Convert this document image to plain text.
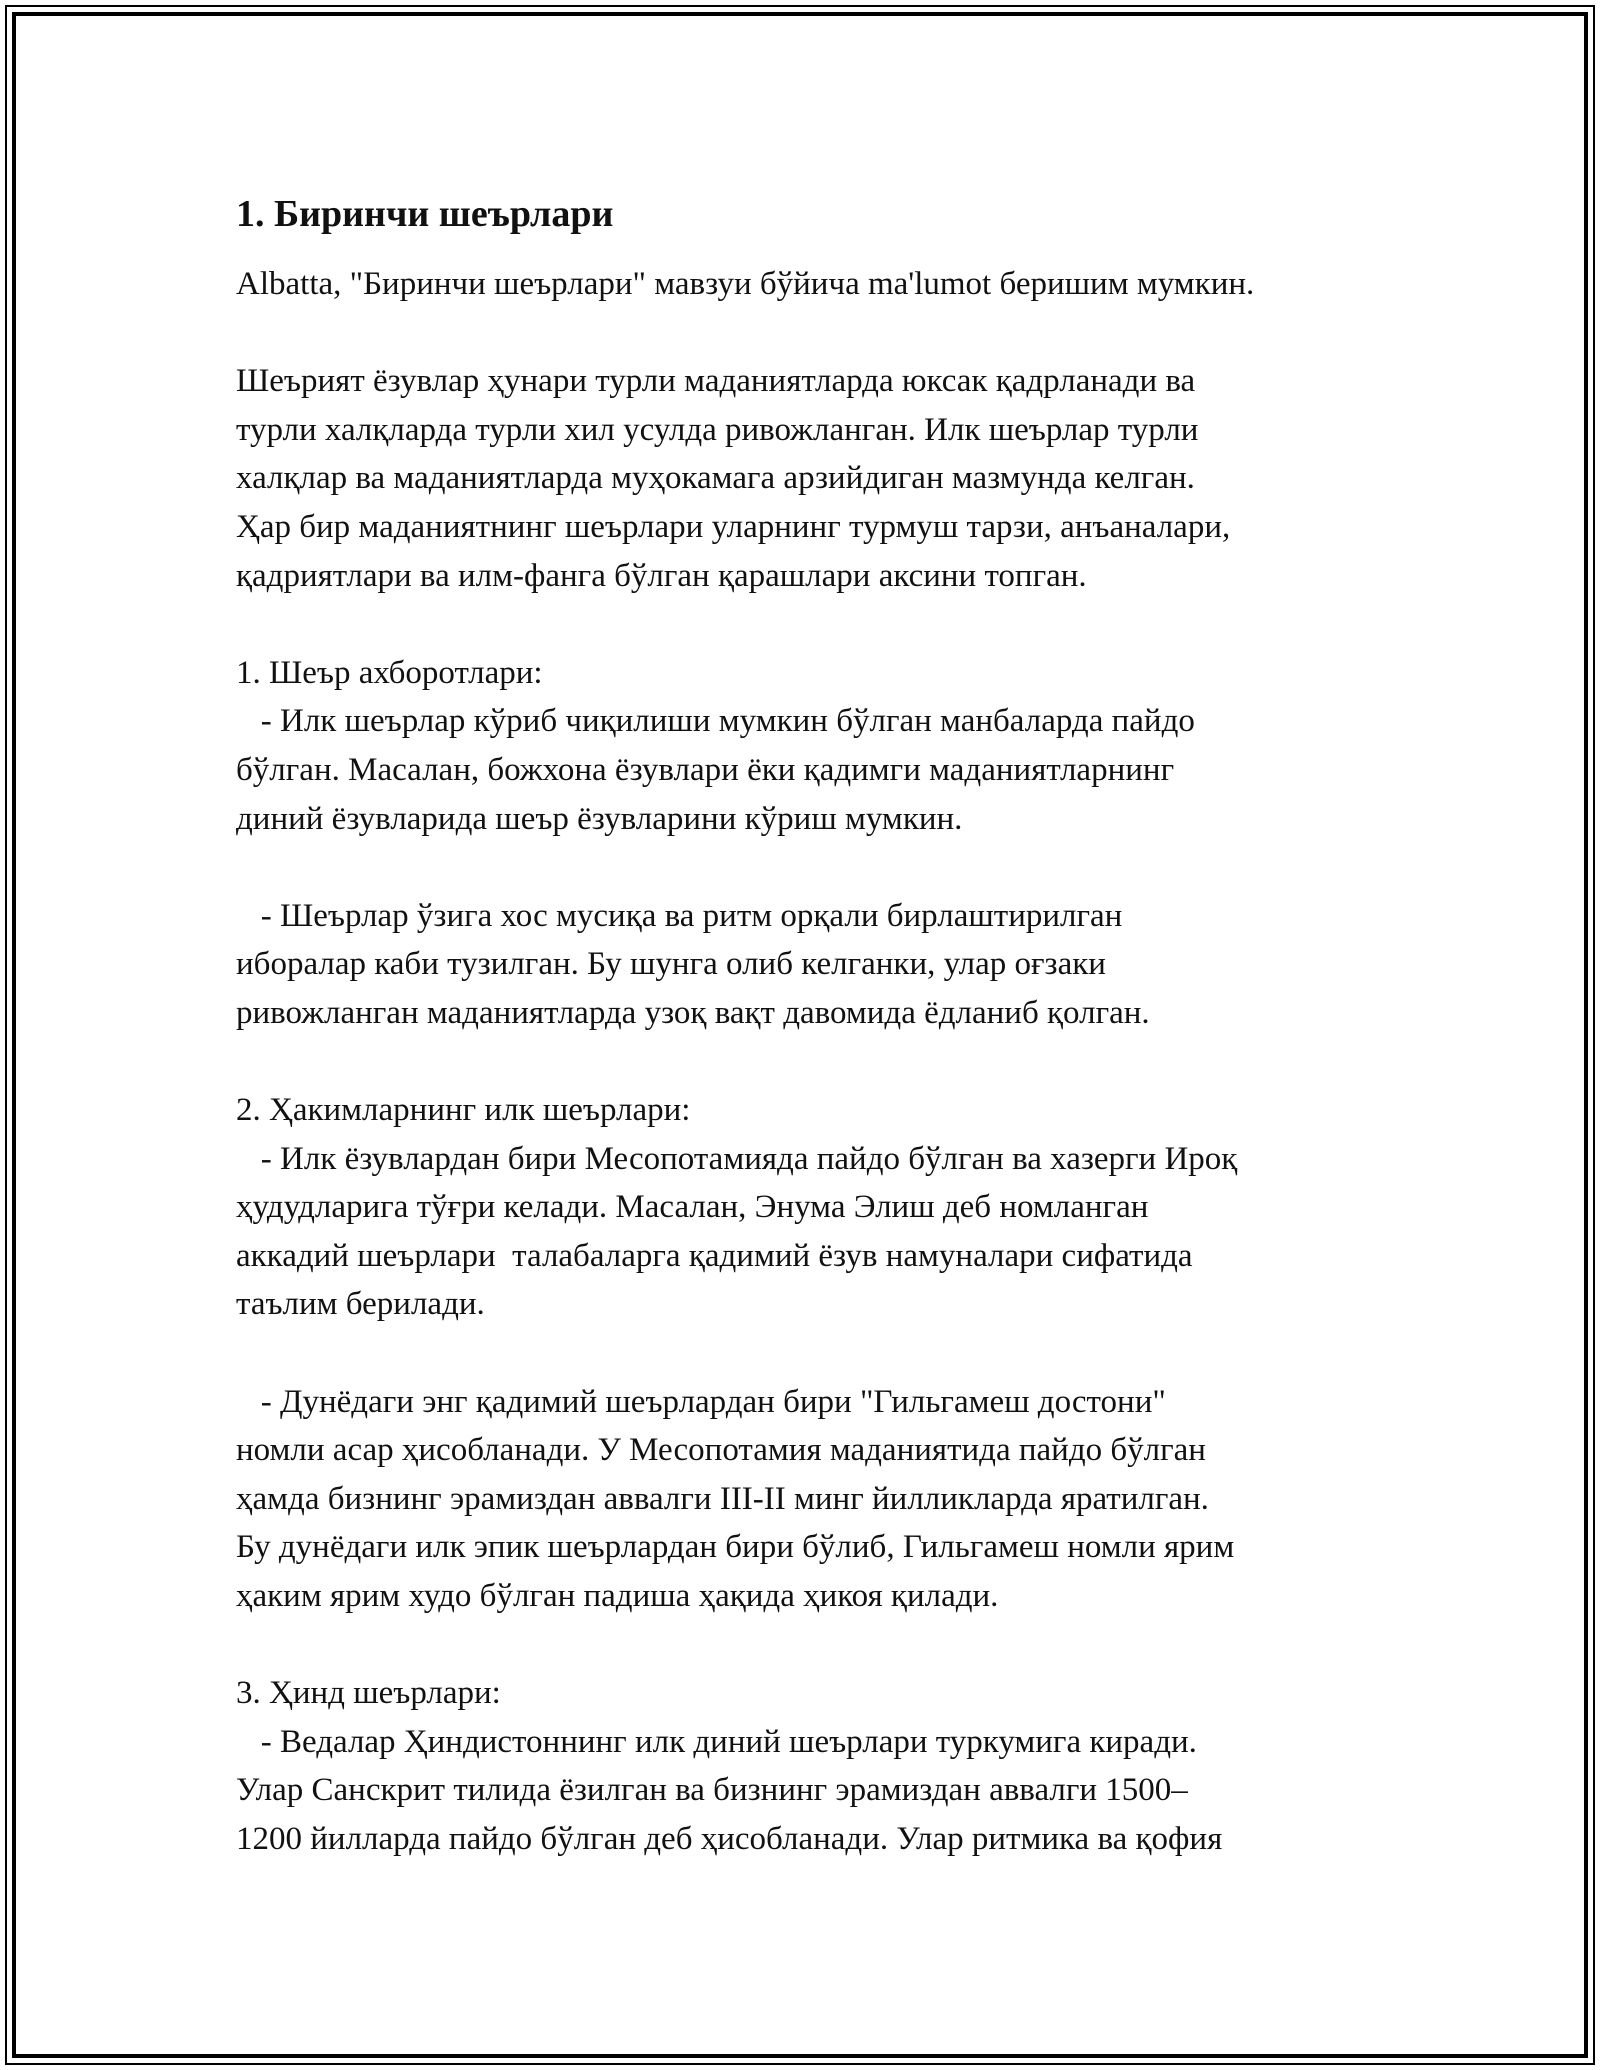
1. Биринчи шеърлари
Albatta, "Биринчи шеърлари" мавзуи бўйича ma'lumot беришим мумкин.
Шеърият ёзувлар ҳунари турли маданиятларда юксак қадрланади ва
турли халқларда турли хил усулда ривожланган. Илк шеърлар турли
халқлар ва маданиятларда муҳокамага арзийдиган мазмунда келган.
Ҳар бир маданиятнинг шеърлари уларнинг турмуш тарзи, анъаналари,
қадриятлари ва илм-фанга бўлган қарашлари аксини топган.
1. Шеър ахборотлари:
- Илк шеърлар кўриб чиқилиши мумкин бўлган манбаларда пайдо
бўлган. Масалан, божхона ёзувлари ёки қадимги маданиятларнинг
диний ёзувларида шеър ёзувларини кўриш мумкин.
- Шеърлар ўзига хос мусиқа ва ритм орқали бирлаштирилган
иборалар каби тузилган. Бу шунга олиб келганки, улар оғзаки
ривожланган маданиятларда узоқ вақт давомида ёдланиб қолган.
2. Ҳакимларнинг илк шеърлари:
- Илк ёзувлардан бири Месопотамияда пайдо бўлган ва хазерги Ироқ
ҳудудларига тўғри келади. Масалан, Энума Элиш деб номланган
аккадий шеърлари  талабаларга қадимий ёзув намуналари сифатида
таълим берилади.
- Дунёдаги энг қадимий шеърлардан бири "Гильгамеш достони"
номли асар ҳисобланади. У Месопотамия маданиятида пайдо бўлган
ҳамда бизнинг эрамиздан аввалги III-II минг йилликларда яратилган.
Бу дунёдаги илк эпик шеърлардан бири бўлиб, Гильгамеш номли ярим
ҳаким ярим худо бўлган падиша ҳақида ҳикоя қилади.
3. Ҳинд шеърлари:
- Ведалар Ҳиндистоннинг илк диний шеърлари туркумига киради.
Улар Санскрит тилида ёзилган ва бизнинг эрамиздан аввалги 1500–
1200 йилларда пайдо бўлган деб ҳисобланади. Улар ритмика ва қофия
